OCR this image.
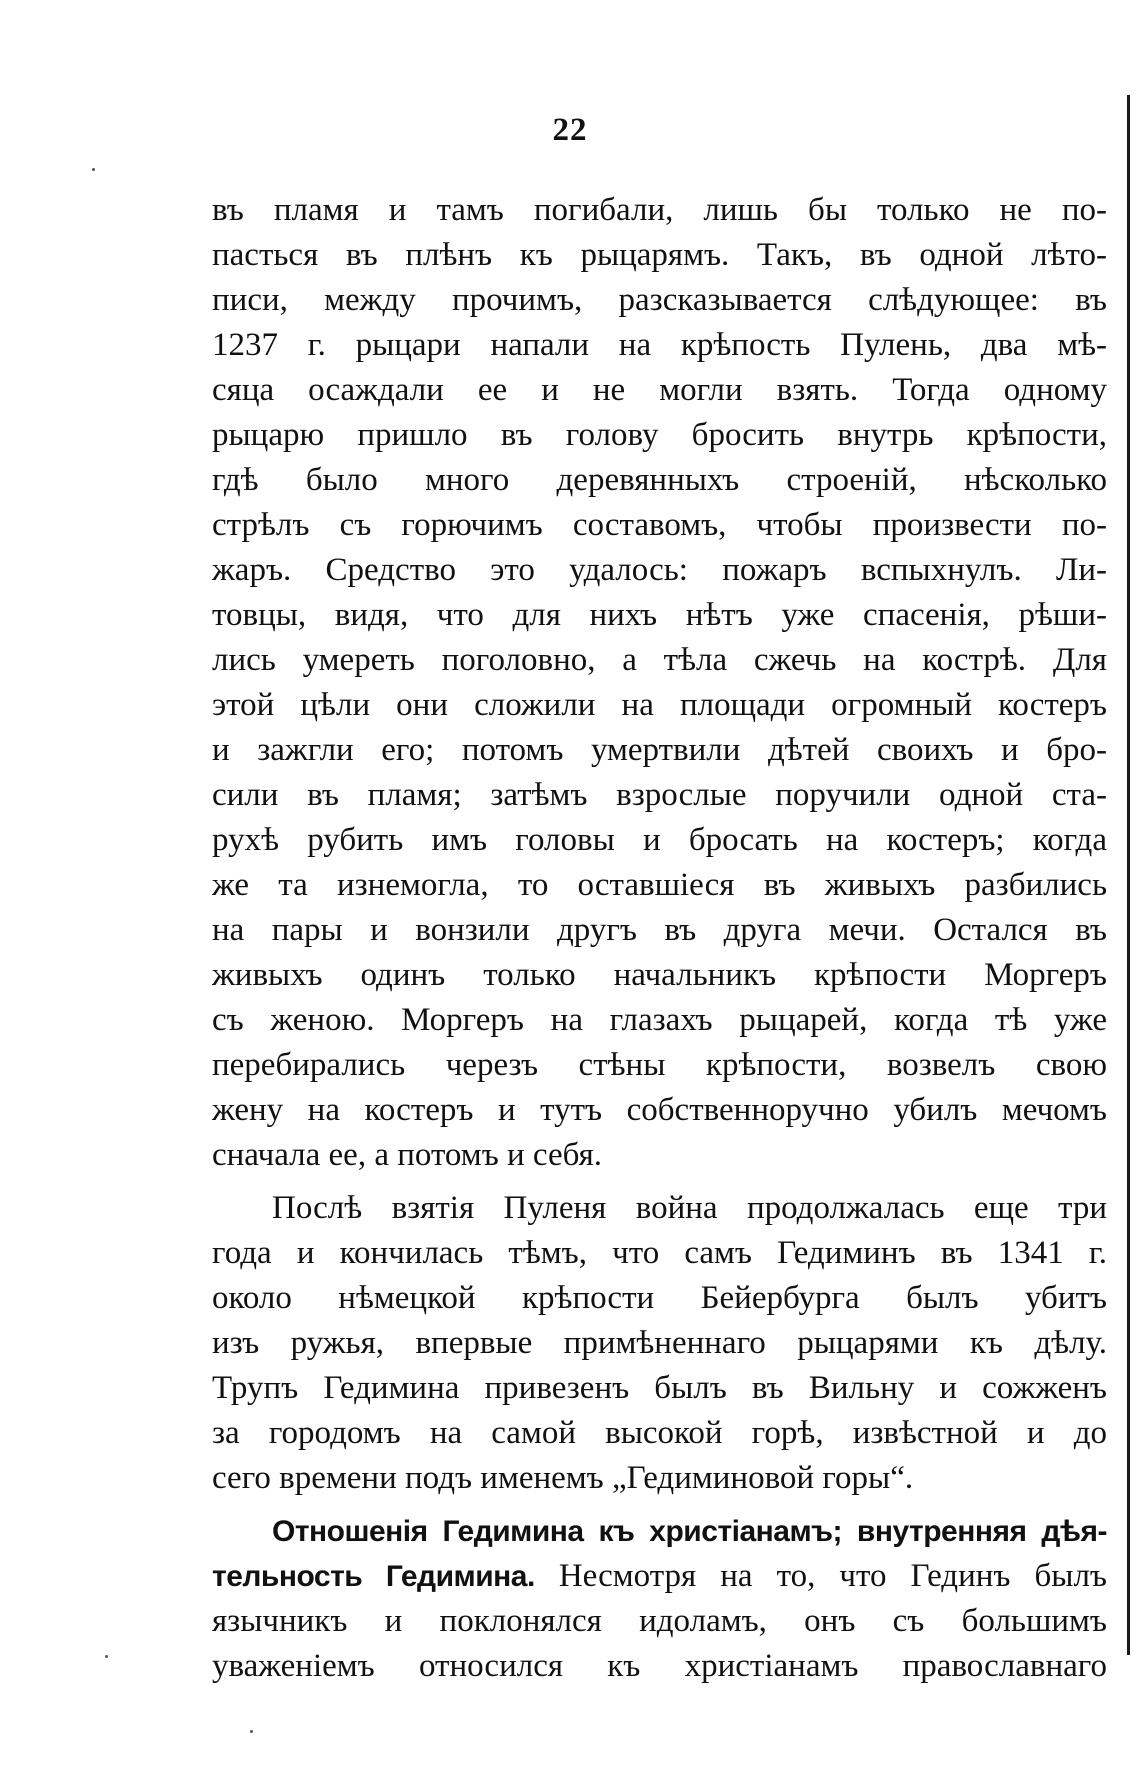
22
въ пламя и тамъ погибали, лишь бы только не по-
пасться въ плѣнъ къ рыцарямъ. Такъ, въ одной лѣто-
писи, между прочимъ, разсказывается слѣдующее: въ
1237 г. рыцари напали на крѣпость Пулень, два мѣ-
сяца осаждали ее и не могли взять. Тогда одному
рыцарю пришло въ голову бросить внутрь крѣпости,
гдѣ было много деревянныхъ строеній, нѣсколько
стрѣлъ съ горючимъ составомъ, чтобы произвести по-
жаръ. Средство это удалось: пожаръ вспыхнулъ. Ли-
товцы, видя, что для нихъ нѣтъ уже спасенія, рѣши-
лись умереть поголовно, а тѣла сжечь на кострѣ. Для
этой цѣли они сложили на площади огромный костеръ
и зажгли его; потомъ умертвили дѣтей своихъ и бро-
сили въ пламя; затѣмъ взрослые поручили одной ста-
рухѣ рубить имъ головы и бросать на костеръ; когда
же та изнемогла, то оставшіеся въ живыхъ разбились
на пары и вонзили другъ въ друга мечи. Остался въ
живыхъ одинъ только начальникъ крѣпости Моргеръ
съ женою. Моргеръ на глазахъ рыцарей, когда тѣ уже
перебирались черезъ стѣны крѣпости, возвелъ свою
жену на костеръ и тутъ собственноручно убилъ мечомъ
сначала ее, а потомъ и себя.
Послѣ взятія Пуленя война продолжалась еще три
года и кончилась тѣмъ, что самъ Гедиминъ въ 1341 г.
около нѣмецкой крѣпости Бейербурга былъ убитъ
изъ ружья, впервые примѣненнаго рыцарями къ дѣлу.
Трупъ Гедимина привезенъ былъ въ Вильну и сожженъ
за городомъ на самой высокой горѣ, извѣстной и до
сего времени подъ именемъ „Гедиминовой горы“.
Отношенія Гедимина къ христіанамъ; внутренняя дѣя-
тельность Гедимина. Несмотря на то, что Гединъ былъ
язычникъ и поклонялся идоламъ, онъ съ большимъ
уваженіемъ относился къ христіанамъ православнаго
